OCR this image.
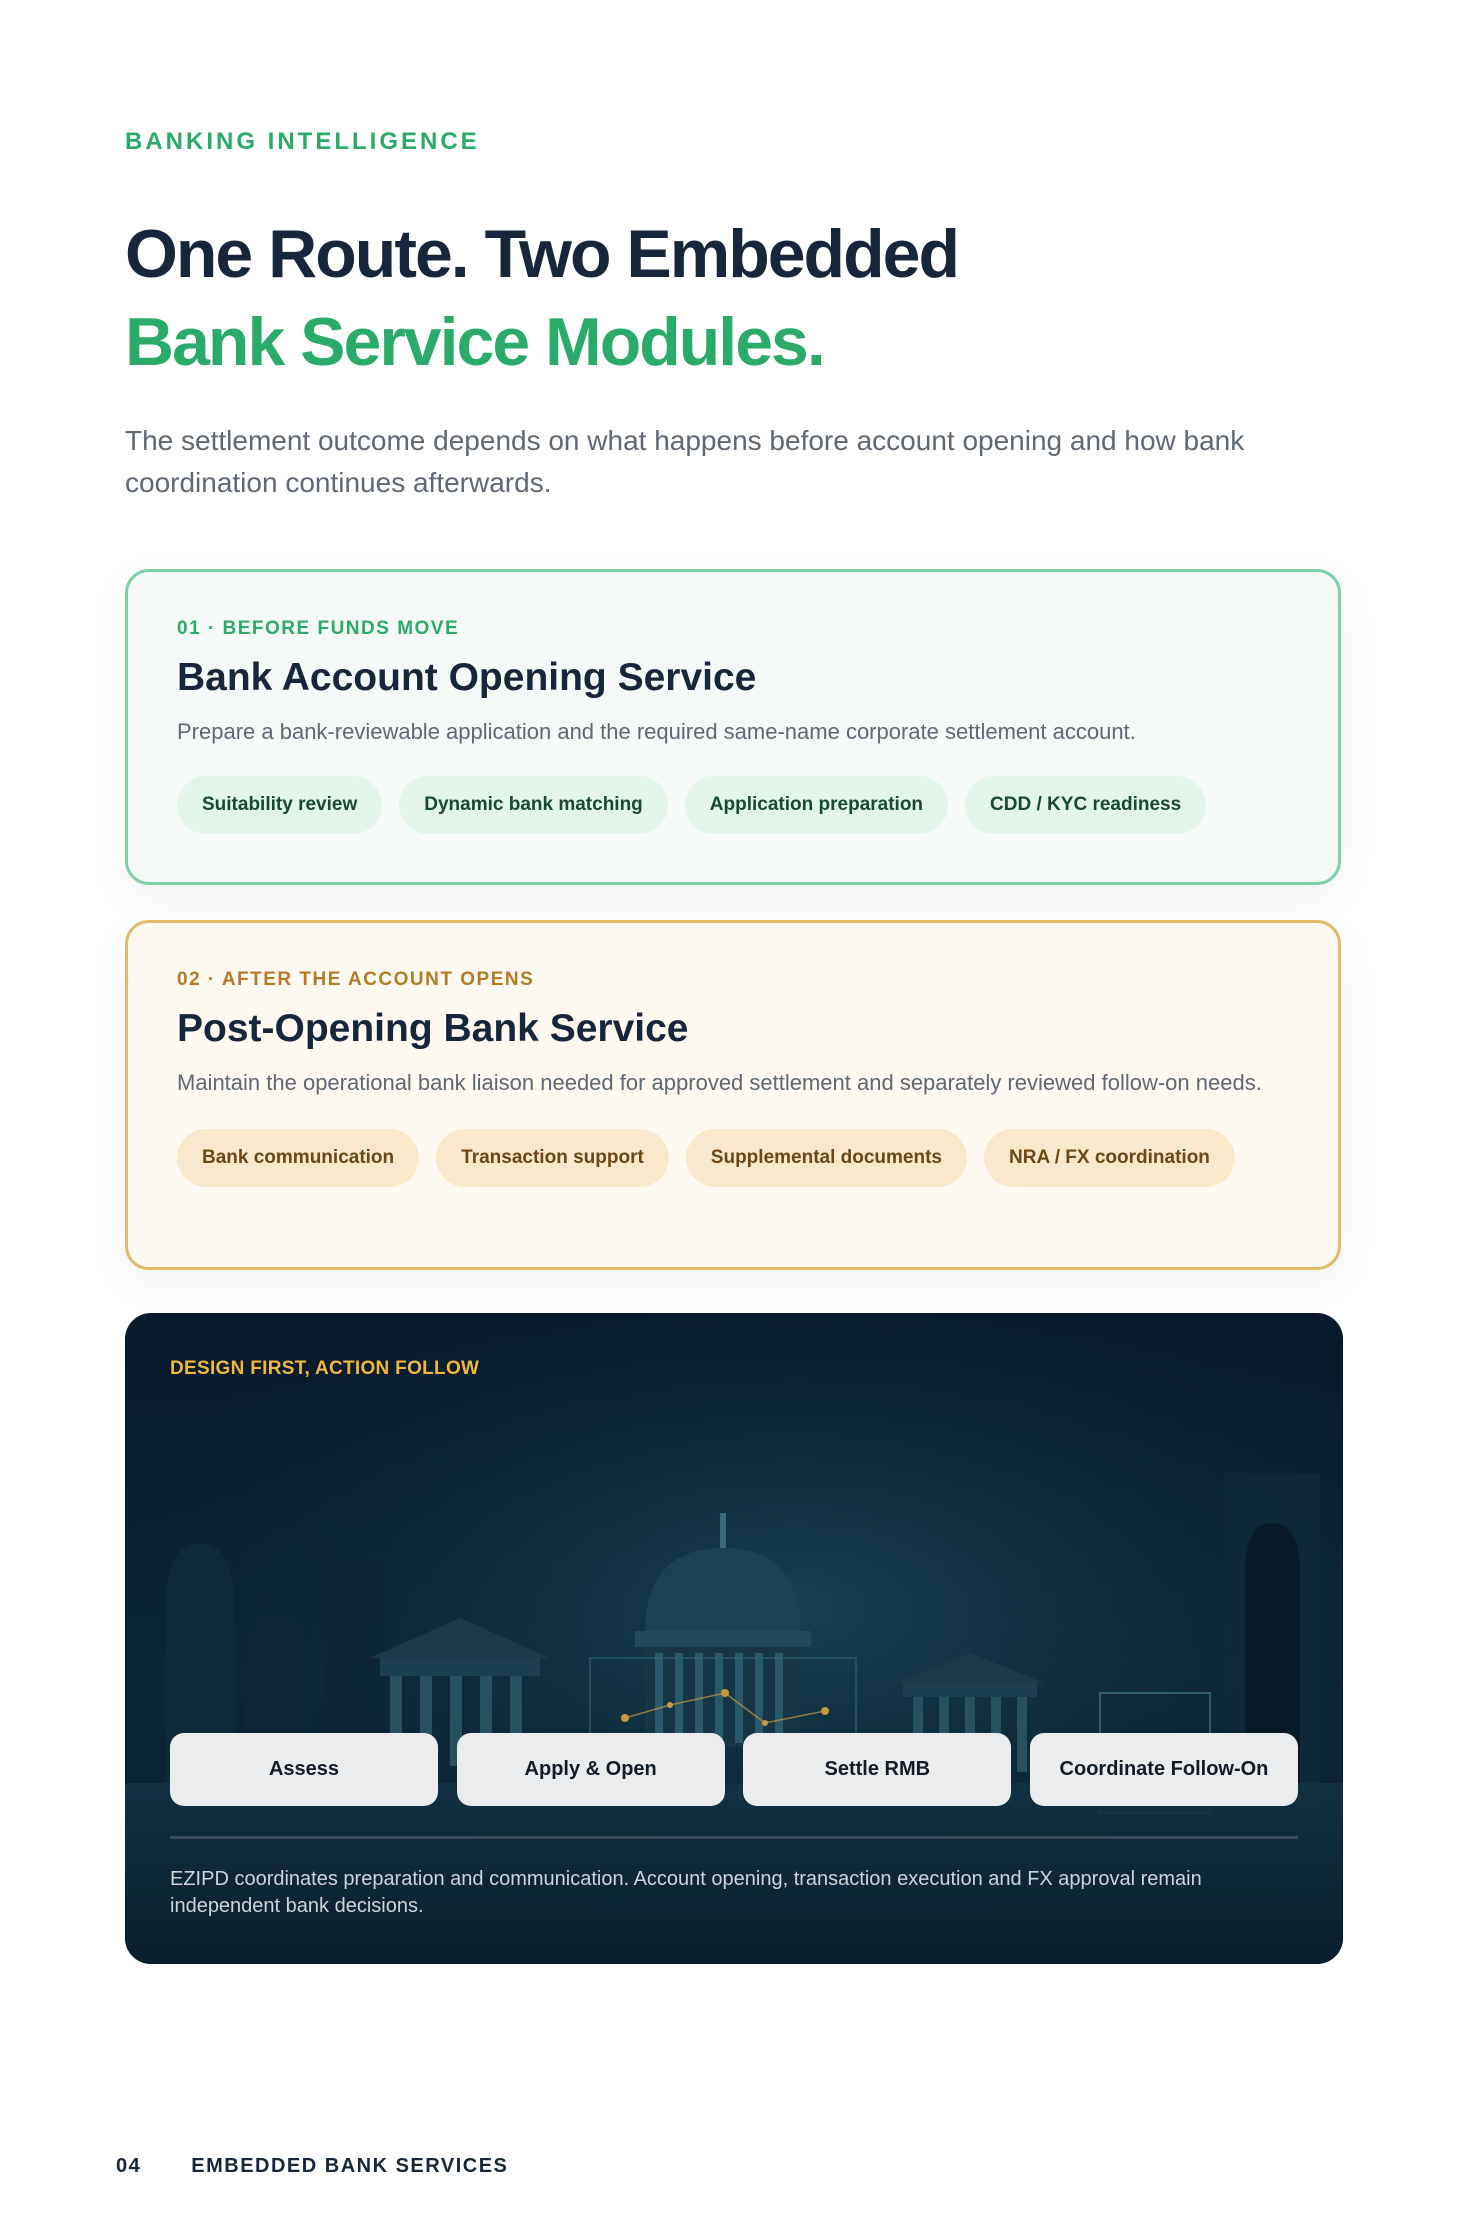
BANKING INTELLIGENCE
One Route. Two Embedded
Bank Service Modules.

The settlement outcome depends on what happens before account opening and how bank coordination continues afterwards.

01 · BEFORE FUNDS MOVE
Bank Account Opening Service
Prepare a bank-reviewable application and the required same-name corporate settlement account.
Suitability review	Dynamic bank matching	Application preparation	CDD / KYC readiness
02 · AFTER THE ACCOUNT OPENS
Post-Opening Bank Service
Maintain the operational bank liaison needed for approved settlement and separately reviewed follow-on needs.
Bank communication	Transaction support	Supplemental documents	NRA / FX coordination
DESIGN FIRST, ACTION FOLLOW
Assess	Apply & Open	Settle RMB	Coordinate Follow-On
EZIPD coordinates preparation and communication. Account opening, transaction execution and FX approval remain independent bank decisions.
04	EMBEDDED BANK SERVICES
